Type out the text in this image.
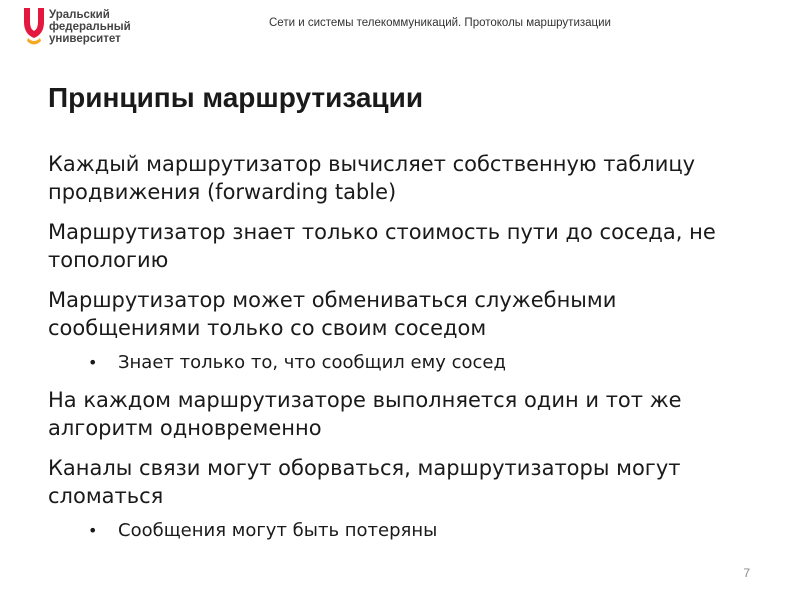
Уральский
федеральный
университет
Сети и системы телекоммуникаций. Протоколы маршрутизации
Принципы маршрутизации

Каждый маршрутизатор вычисляет собственную таблицу продвижения (forwarding table)

Маршрутизатор знает только стоимость пути до соседа, не топологию

Маршрутизатор может обмениваться служебными сообщениями только со своим соседом

• Знает только то, что сообщил ему сосед

На каждом маршрутизаторе выполняется один и тот же алгоритм одновременно

Каналы связи могут оборваться, маршрутизаторы могут сломаться

• Сообщения могут быть потеряны
7
